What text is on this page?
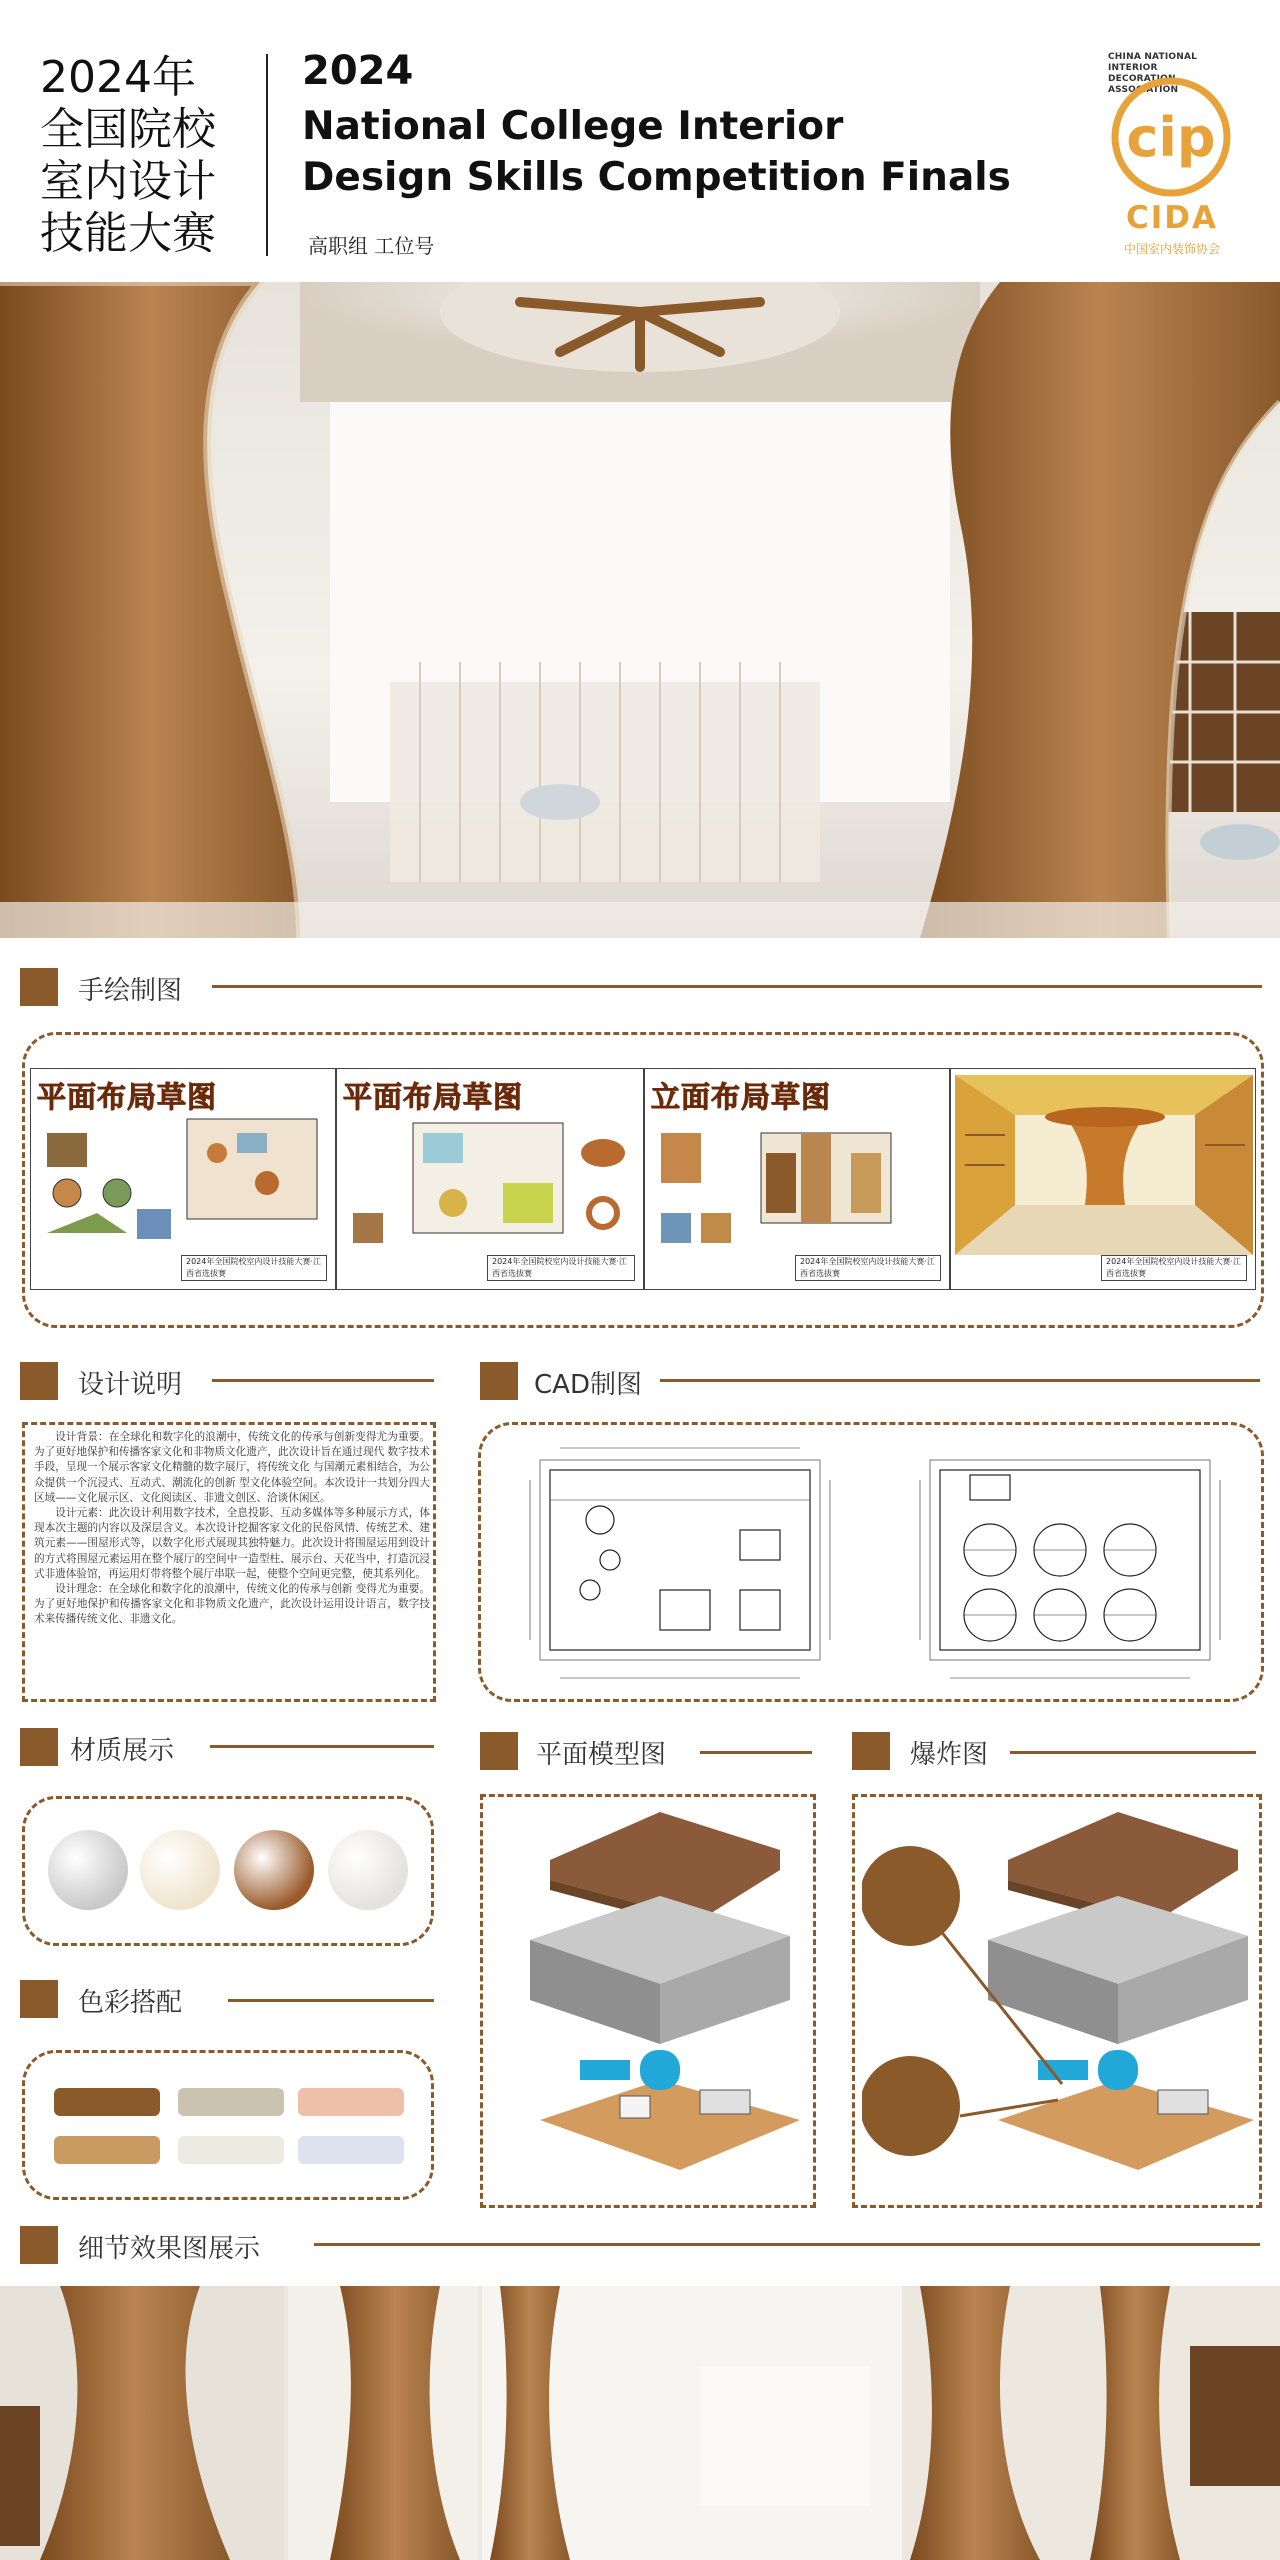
2024年
全国院校
室内设计
技能大赛
2024
National College Interior
Design Skills Competition Finals
高职组 工位号
CHINA NATIONAL INTERIOR
DECORATION ASSOCIATION
cip
CIDA
中国室内装饰协会
手绘制图
平面布局草图
2024年全国院校室内设计技能大赛·江西省选拔赛
平面布局草图
2024年全国院校室内设计技能大赛·江西省选拔赛
立面布局草图
2024年全国院校室内设计技能大赛·江西省选拔赛
2024年全国院校室内设计技能大赛·江西省选拔赛
设计说明	CAD制图

设计背景：在全球化和数字化的浪潮中，传统文化的传承与创新变得尤为重要。为了更好地保护和传播客家文化和非物质文化遗产，此次设计旨在通过现代 数字技术手段，呈现一个展示客家文化精髓的数字展厅，将传统文化 与国潮元素相结合，为公众提供一个沉浸式、互动式、潮流化的创新 型文化体验空间。本次设计一共划分四大区域——文化展示区、文化阅读区、非遗文创区、洽谈休闲区。

设计元素：此次设计利用数字技术，全息投影、互动多媒体等多种展示方式，体现本次主题的内容以及深层含义。本次设计挖掘客家文化的民俗风情、传统艺术、建筑元素——围屋形式等，以数字化形式展现其独特魅力。此次设计将围屋运用到设计的方式将围屋元素运用在整个展厅的空间中一造型柱、展示台、天花当中，打造沉浸式非遗体验馆，再运用灯带将整个展厅串联一起，使整个空间更完整，使其系列化。

设计理念：在全球化和数字化的浪潮中，传统文化的传承与创新 变得尤为重要。为了更好地保护和传播客家文化和非物质文化遗产，此次设计运用设计语言，数字技术来传播传统文化、非遗文化。

材质展示	平面模型图	爆炸图
色彩搭配
细节效果图展示
